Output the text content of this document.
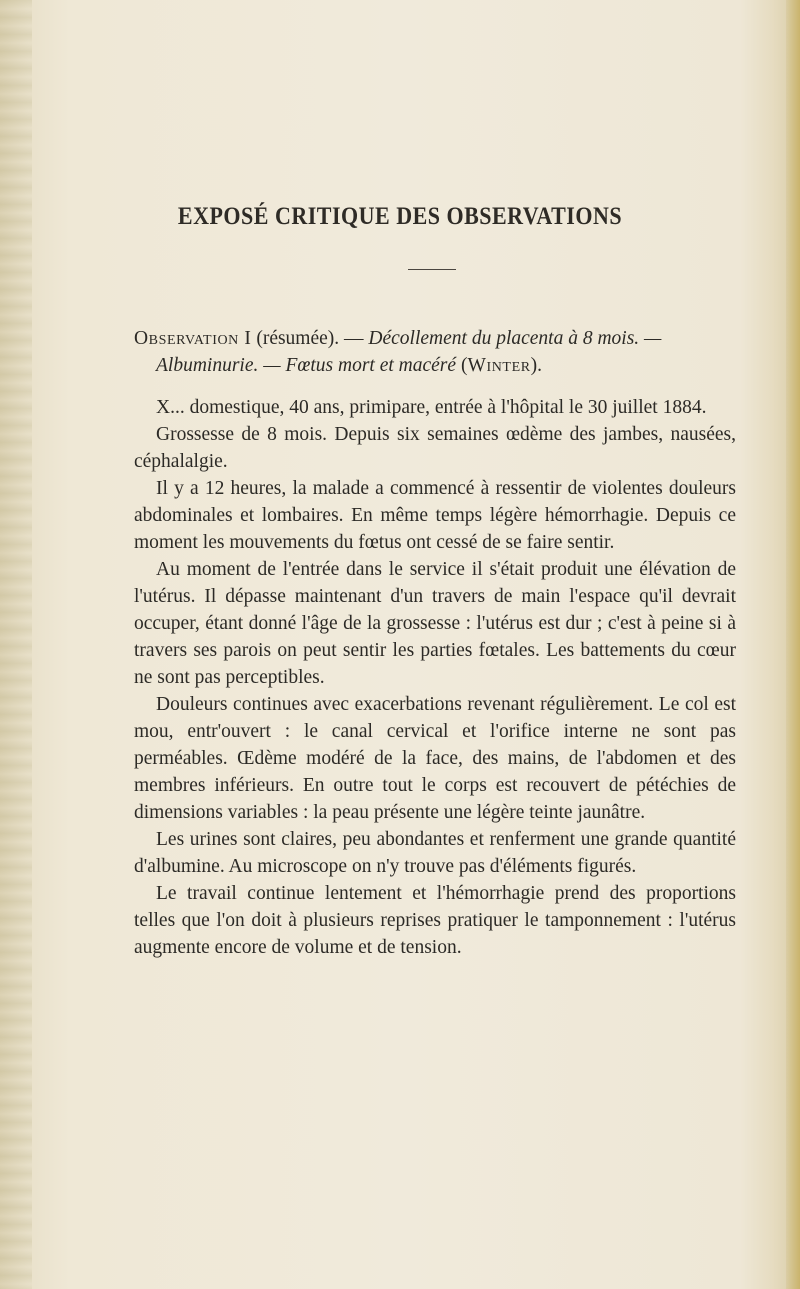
EXPOSÉ CRITIQUE DES OBSERVATIONS
Observation I (résumée). — Décollement du placenta à 8 mois. —
Albuminurie. — Fœtus mort et macéré (Winter).

X... domestique, 40 ans, primipare, entrée à l'hôpital le 30 juillet 1884.

Grossesse de 8 mois. Depuis six semaines œdème des jambes, nausées, céphalalgie.

Il y a 12 heures, la malade a commencé à ressentir de violentes douleurs abdominales et lombaires. En même temps légère hémorrhagie. Depuis ce moment les mouvements du fœtus ont cessé de se faire sentir.

Au moment de l'entrée dans le service il s'était produit une élévation de l'utérus. Il dépasse maintenant d'un travers de main l'espace qu'il devrait occuper, étant donné l'âge de la grossesse : l'utérus est dur ; c'est à peine si à travers ses parois on peut sentir les parties fœtales. Les battements du cœur ne sont pas perceptibles.

Douleurs continues avec exacerbations revenant régulièrement. Le col est mou, entr'ouvert : le canal cervical et l'orifice interne ne sont pas perméables. Œdème modéré de la face, des mains, de l'abdomen et des membres inférieurs. En outre tout le corps est recouvert de pétéchies de dimensions variables : la peau présente une légère teinte jaunâtre.

Les urines sont claires, peu abondantes et renferment une grande quantité d'albumine. Au microscope on n'y trouve pas d'éléments figurés.

Le travail continue lentement et l'hémorrhagie prend des proportions telles que l'on doit à plusieurs reprises pratiquer le tamponnement : l'utérus augmente encore de volume et de tension.
